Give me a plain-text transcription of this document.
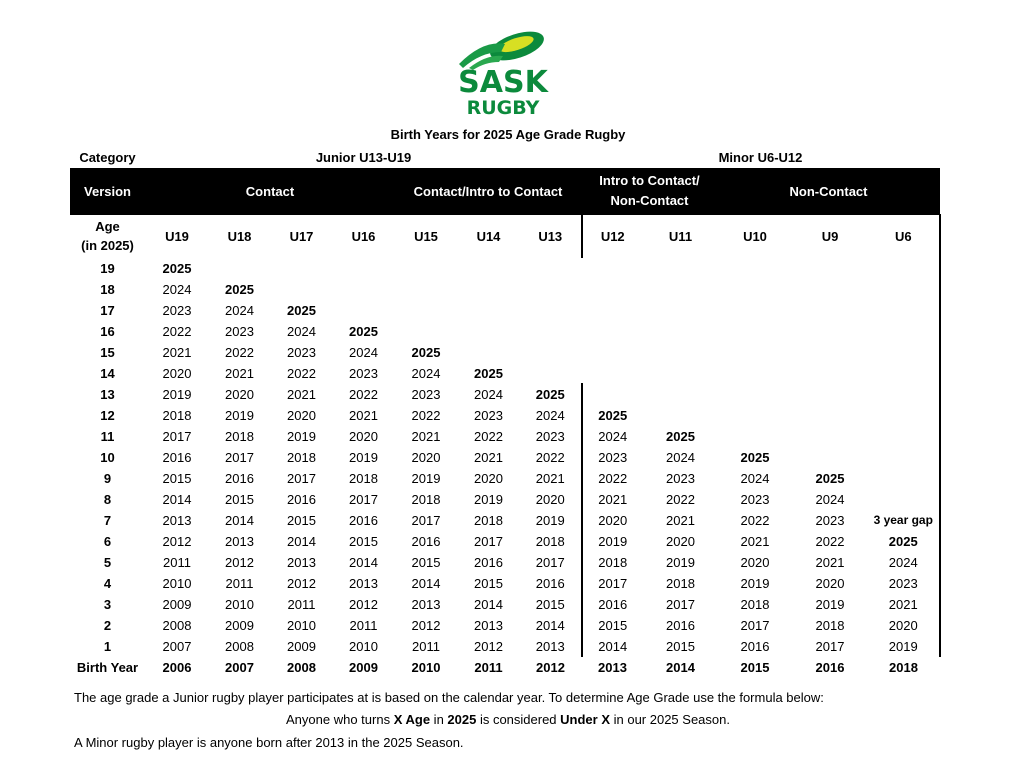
SASK
RUGBY
Birth Years for 2025 Age Grade Rugby
Category	Junior U13-U19							Minor U6-U12				
Version	Contact				Contact/Intro to Contact			Intro to Contact/
Non-Contact		Non-Contact		

Age
(in 2025)	U19	U18	U17	U16	U15	U14	U13	U12	U11	U10	U9	U6
19	2025											
18	2024	2025										
17	2023	2024	2025									
16	2022	2023	2024	2025								
15	2021	2022	2023	2024	2025							
14	2020	2021	2022	2023	2024	2025						
13	2019	2020	2021	2022	2023	2024	2025					
12	2018	2019	2020	2021	2022	2023	2024	2025				
11	2017	2018	2019	2020	2021	2022	2023	2024	2025			
10	2016	2017	2018	2019	2020	2021	2022	2023	2024	2025		
9	2015	2016	2017	2018	2019	2020	2021	2022	2023	2024	2025	
8	2014	2015	2016	2017	2018	2019	2020	2021	2022	2023	2024	
7	2013	2014	2015	2016	2017	2018	2019	2020	2021	2022	2023	3 year gap
6	2012	2013	2014	2015	2016	2017	2018	2019	2020	2021	2022	2025
5	2011	2012	2013	2014	2015	2016	2017	2018	2019	2020	2021	2024
4	2010	2011	2012	2013	2014	2015	2016	2017	2018	2019	2020	2023
3	2009	2010	2011	2012	2013	2014	2015	2016	2017	2018	2019	2021
2	2008	2009	2010	2011	2012	2013	2014	2015	2016	2017	2018	2020
1	2007	2008	2009	2010	2011	2012	2013	2014	2015	2016	2017	2019
Birth Year	2006	2007	2008	2009	2010	2011	2012	2013	2014	2015	2016	2018
The age grade a Junior rugby player participates at is based on the calendar year. To determine Age Grade use the formula below:
Anyone who turns X Age in 2025 is considered Under X in our 2025 Season.
A Minor rugby player is anyone born after 2013 in the 2025 Season.
